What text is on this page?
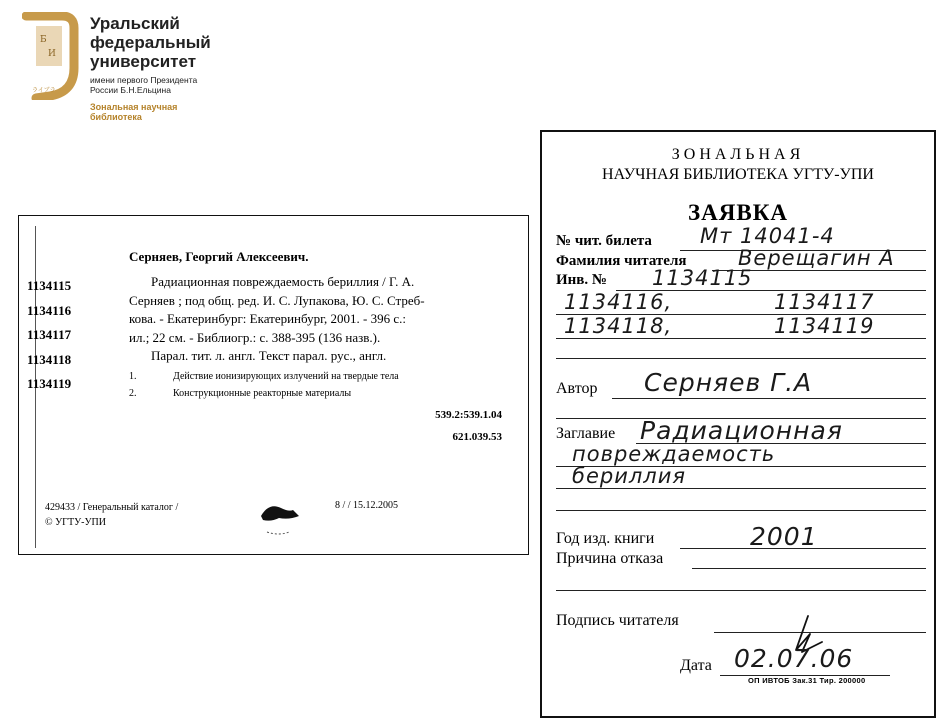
Б
И
ライブラ
Уральский
федеральный
университет
имени первого Президента
России Б.Н.Ельцина
Зональная научная
библиотека
1134115
1134116
1134117
1134118
1134119
Серняев, Георгий Алексеевич.
Радиационная повреждаемость бериллия / Г. А.
Серняев ; под общ. ред. И. С. Лупакова, Ю. С. Стреб-
кова. - Екатеринбург: Екатеринбург, 2001. - 396 с.:
ил.; 22 см. - Библиогр.: с. 388-395 (136 назв.).
Парал. тит. л. англ. Текст парал. рус., англ.
1.	Действие ионизирующих излучений на твердые тела
2.	Конструкционные реакторные материалы
539.2:539.1.04
621.039.53
429433 / Генеральный каталог /
© УГТУ-УПИ
8 / / 15.12.2005
ЗОНАЛЬНАЯ
НАУЧНАЯ БИБЛИОТЕКА УГТУ-УПИ
ЗАЯВКА
№ чит. билета Мт 14041-4
Фамилия читателя Верещагин А
Инв. № 1134115
1134116,	1134117
1134118,	1134119
Автор Серняев Г.А
Заглавие Радиационная
повреждаемость
бериллия
Год изд. книги	2001
Причина отказа
Подпись читателя
Дата 02.07.06
ОП ИВТОБ Зак.31 Тир. 200000
